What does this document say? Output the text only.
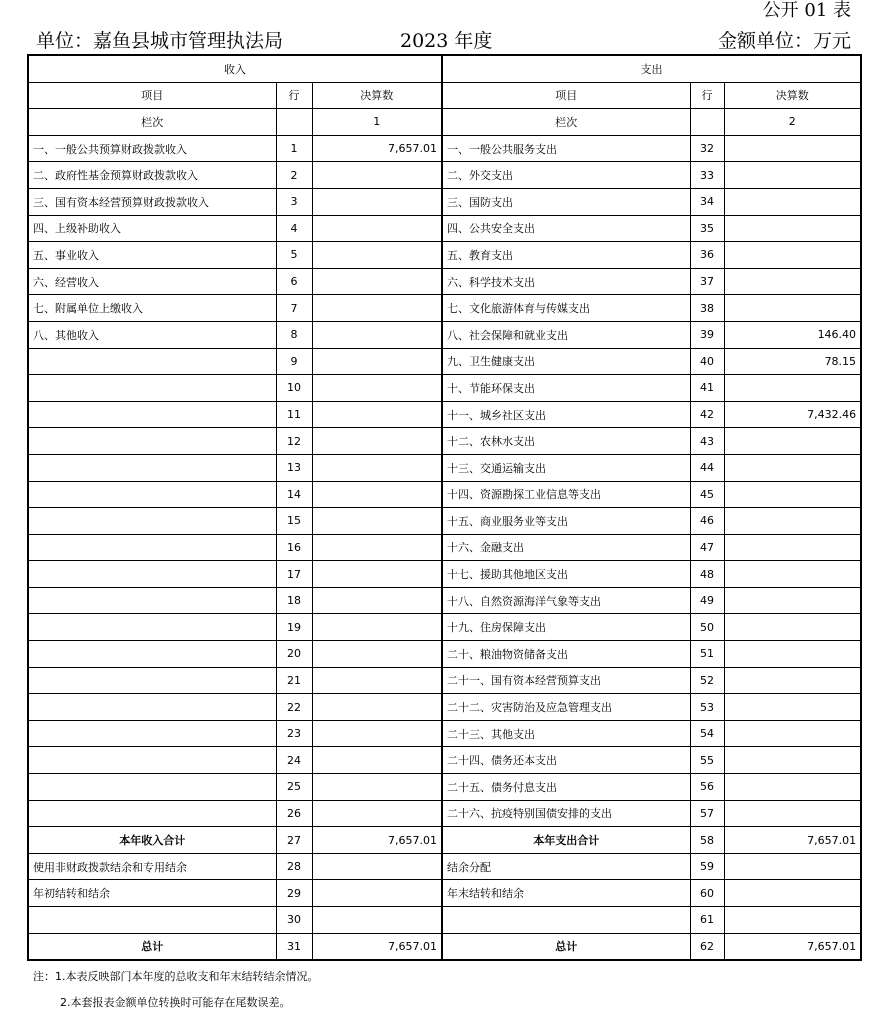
公开 01 表
单位：嘉鱼县城市管理执法局	2023 年度	金额单位：万元
收入			支出		
项目	行	决算数	项目	行	决算数
栏次		1	栏次		2
一、一般公共预算财政拨款收入	1	7,657.01	一、一般公共服务支出	32	
二、政府性基金预算财政拨款收入	2		二、外交支出	33	
三、国有资本经营预算财政拨款收入	3		三、国防支出	34	
四、上级补助收入	4		四、公共安全支出	35	
五、事业收入	5		五、教育支出	36	
六、经营收入	6		六、科学技术支出	37	
七、附属单位上缴收入	7		七、文化旅游体育与传媒支出	38	
八、其他收入	8		八、社会保障和就业支出	39	146.40
	9		九、卫生健康支出	40	78.15
	10		十、节能环保支出	41	
	11		十一、城乡社区支出	42	7,432.46
	12		十二、农林水支出	43	
	13		十三、交通运输支出	44	
	14		十四、资源勘探工业信息等支出	45	
	15		十五、商业服务业等支出	46	
	16		十六、金融支出	47	
	17		十七、援助其他地区支出	48	
	18		十八、自然资源海洋气象等支出	49	
	19		十九、住房保障支出	50	
	20		二十、粮油物资储备支出	51	
	21		二十一、国有资本经营预算支出	52	
	22		二十二、灾害防治及应急管理支出	53	
	23		二十三、其他支出	54	
	24		二十四、债务还本支出	55	
	25		二十五、债务付息支出	56	
	26		二十六、抗疫特别国债安排的支出	57	
本年收入合计	27	7,657.01	本年支出合计	58	7,657.01
使用非财政拨款结余和专用结余	28		结余分配	59	
年初结转和结余	29		年末结转和结余	60	
	30			61	
总计	31	7,657.01	总计	62	7,657.01
注：1.本表反映部门本年度的总收支和年末结转结余情况。
2.本套报表金额单位转换时可能存在尾数误差。
